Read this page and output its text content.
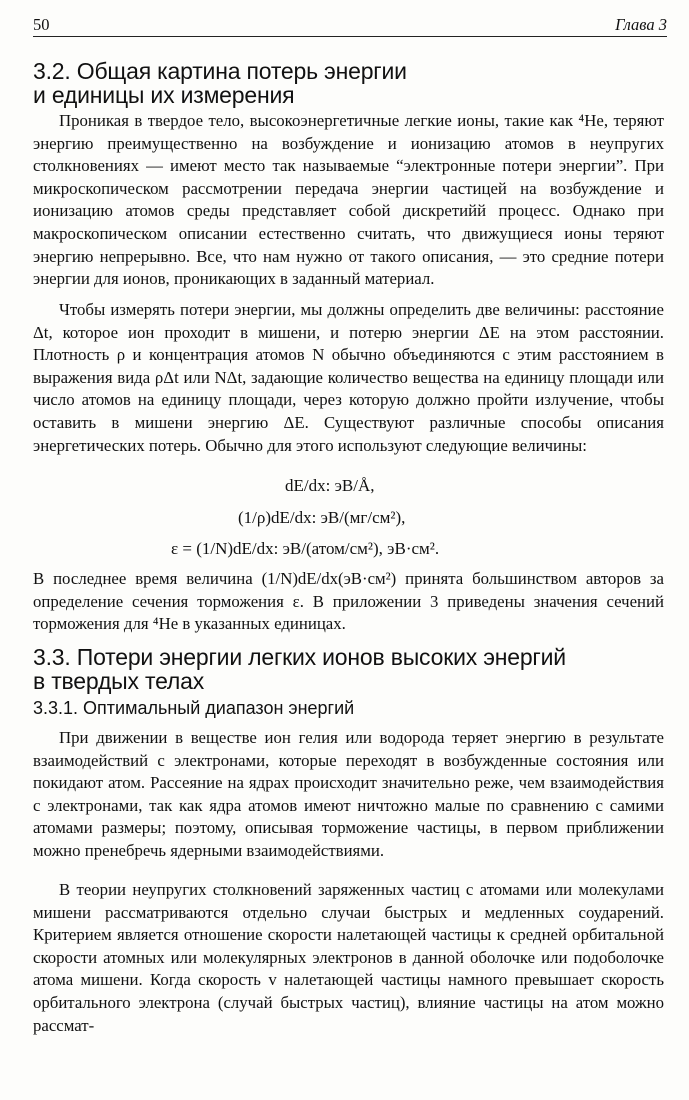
50	Глава 3
3.2. Общая картина потерь энергии
и единицы их измерения

Проникая в твердое тело, высокоэнергетичные легкие ионы, такие как ⁴He, теряют энергию преимущественно на возбуждение и ионизацию атомов в неупругих столкновениях — имеют место так называемые “электронные потери энергии”. При микроскопическом рассмотрении передача энергии частицей на возбуждение и ионизацию атомов среды представляет собой дискретийй процесс. Однако при макроскопическом описании естественно считать, что движущиеся ионы теряют энергию непрерывно. Все, что нам нужно от такого описания, — это средние потери энергии для ионов, проникающих в заданный материал.

Чтобы измерять потери энергии, мы должны определить две величины: расстояние Δt, которое ион проходит в мишени, и потерю энергии ΔE на этом расстоянии. Плотность ρ и концентрация атомов N обычно объединяются с этим расстоянием в выражения вида ρΔt или NΔt, задающие количество вещества на единицу площади или число атомов на единицу площади, через которую должно пройти излучение, чтобы оставить в мишени энергию ΔE. Существуют различные способы описания энергетических потерь. Обычно для этого используют следующие величины:

dE/dx: эВ/Å,
(1/ρ)dE/dx: эВ/(мг/см²),
ε = (1/N)dE/dx: эВ/(атом/см²), эВ·см².

В последнее время величина (1/N)dE/dx(эВ·см²) принята большинством авторов за определение сечения торможения ε. В приложении 3 приведены значения сечений торможения для ⁴He в указанных единицах.

3.3. Потери энергии легких ионов высоких энергий
в твердых телах
3.3.1. Оптимальный диапазон энергий

При движении в веществе ион гелия или водорода теряет энергию в результате взаимодействий с электронами, которые переходят в возбужденные состояния или покидают атом. Рассеяние на ядрах происходит значительно реже, чем взаимодействия с электронами, так как ядра атомов имеют ничтожно малые по сравнению с самими атомами размеры; поэтому, описывая торможение частицы, в первом приближении можно пренебречь ядерными взаимодействиями.

В теории неупругих столкновений заряженных частиц с атомами или молекулами мишени рассматриваются отдельно случаи быстрых и медленных соударений. Критерием является отношение скорости налетающей частицы к средней орбитальной скорости атомных или молекулярных электронов в данной оболочке или подоболочке атома мишени. Когда скорость v налетающей частицы намного превышает скорость орбитального электрона (случай быстрых частиц), влияние частицы на атом можно рассмат-
